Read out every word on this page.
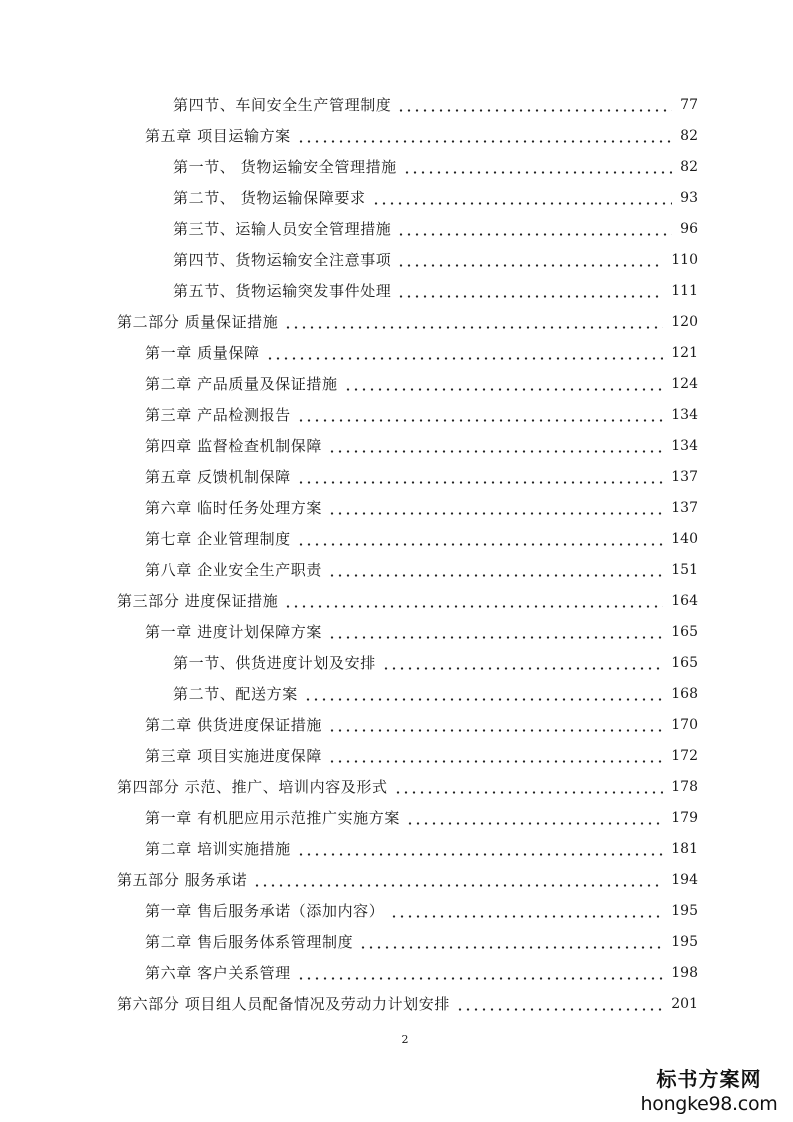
第四节、车间安全生产管理制度	77
第五章 项目运输方案	82
第一节、 货物运输安全管理措施	82
第二节、 货物运输保障要求	93
第三节、运输人员安全管理措施	96
第四节、货物运输安全注意事项	110
第五节、货物运输突发事件处理	111
第二部分 质量保证措施	120
第一章 质量保障	121
第二章 产品质量及保证措施	124
第三章 产品检测报告	134
第四章 监督检查机制保障	134
第五章 反馈机制保障	137
第六章 临时任务处理方案	137
第七章 企业管理制度	140
第八章 企业安全生产职责	151
第三部分 进度保证措施	164
第一章 进度计划保障方案	165
第一节、供货进度计划及安排	165
第二节、配送方案	168
第二章 供货进度保证措施	170
第三章 项目实施进度保障	172
第四部分 示范、推广、培训内容及形式	178
第一章 有机肥应用示范推广实施方案	179
第二章 培训实施措施	181
第五部分 服务承诺	194
第一章 售后服务承诺（添加内容）	195
第二章 售后服务体系管理制度	195
第六章 客户关系管理	198
第六部分 项目组人员配备情况及劳动力计划安排	201
2
标书方案网
hongke98.com
